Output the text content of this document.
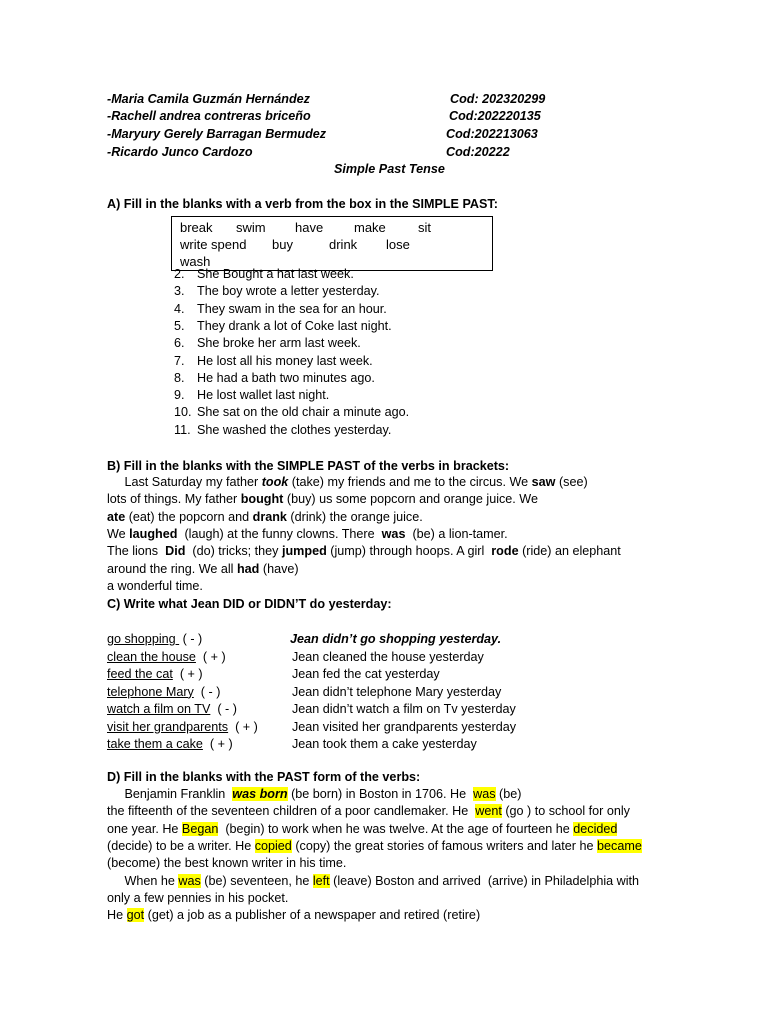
-Maria Camila Guzmán Hernández	Cod: 202320299
-Rachell andrea contreras briceño	Cod:202220135
-Maryury Gerely Barragan Bermudez	Cod:202213063
-Ricardo Junco Cardozo	Cod:20222
Simple Past Tense
A) Fill in the blanks with a verb from the box in the SIMPLE PAST:
break swim have make sit
write spend buy	drink lose
wash
2. She Bought a hat last week.
3. The boy wrote a letter yesterday.
4. They swam in the sea for an hour.
5. They drank a lot of Coke last night.
6. She broke her arm last week.
7. He lost all his money last week.
8. He had a bath two minutes ago.
9. He lost wallet last night.
10. She sat on the old chair a minute ago.
11. She washed the clothes yesterday.
B) Fill in the blanks with the SIMPLE PAST of the verbs in brackets:
Last Saturday my father took (take) my friends and me to the circus. We saw (see)
lots of things. My father bought (buy) us some popcorn and orange juice. We
ate (eat) the popcorn and drank (drink) the orange juice.
We laughed  (laugh) at the funny clowns. There  was  (be) a lion-tamer.
The lions  Did  (do) tricks; they jumped (jump) through hoops. A girl  rode (ride) an elephant
around the ring. We all had (have)
a wonderful time.
C) Write what Jean DID or DIDN’T do yesterday:
go shopping  ( - )	Jean didn’t go shopping yesterday.
clean the house  ( + )	Jean cleaned the house yesterday
feed the cat  ( + )	Jean fed the cat yesterday
telephone Mary  ( - )	Jean didn’t telephone Mary yesterday
watch a film on TV  ( - )	Jean didn’t watch a film on Tv yesterday
visit her grandparents  ( + )	Jean visited her grandparents yesterday
take them a cake  ( + )	Jean took them a cake yesterday
D) Fill in the blanks with the PAST form of the verbs:
Benjamin Franklin  was born (be born) in Boston in 1706. He  was (be)
the fifteenth of the seventeen children of a poor candlemaker. He  went (go ) to school for only
one year. He Began  (begin) to work when he was twelve. At the age of fourteen he decided
(decide) to be a writer. He copied (copy) the great stories of famous writers and later he became
(become) the best known writer in his time.
When he was (be) seventeen, he left (leave) Boston and arrived  (arrive) in Philadelphia with
only a few pennies in his pocket.
He got (get) a job as a publisher of a newspaper and retired (retire)
